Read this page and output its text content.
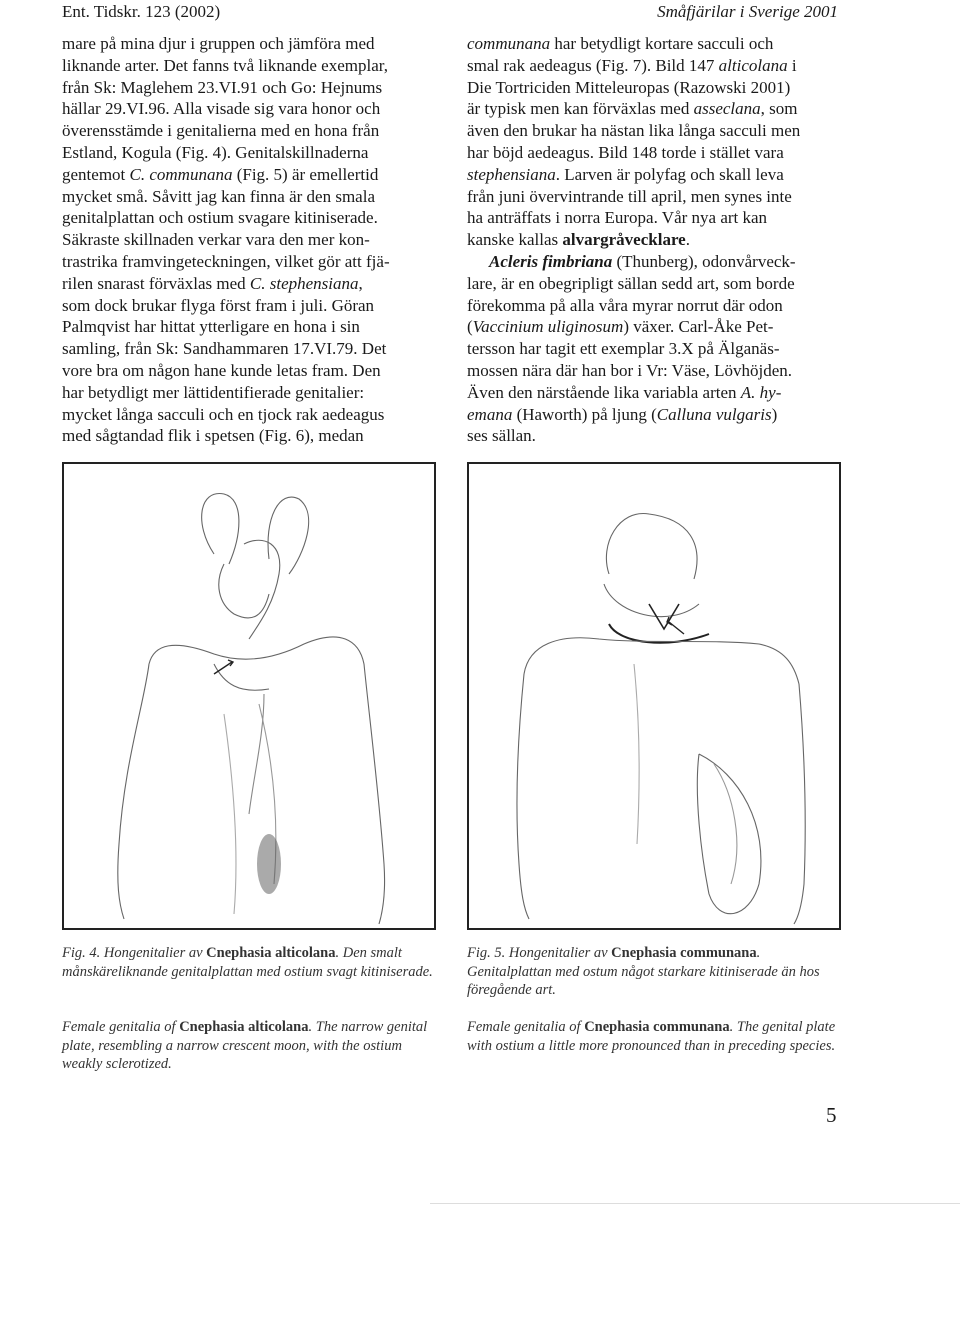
Ent. Tidskr. 123 (2002)	Småfjärilar i Sverige 2001

mare på mina djur i gruppen och jämföra med

liknande arter. Det fanns två liknande exemplar,

från Sk: Maglehem 23.VI.91 och Go: Hejnums

hällar 29.VI.96. Alla visade sig vara honor och

överensstämde i genitalierna med en hona från

Estland, Kogula (Fig. 4). Genitalskillnaderna

gentemot C. communana (Fig. 5) är emellertid

mycket små. Såvitt jag kan finna är den smala

genitalplattan och ostium svagare kitiniserade.

Säkraste skillnaden verkar vara den mer kon-

trastrika framvingeteckningen, vilket gör att fjä-

rilen snarast förväxlas med C. stephensiana,

som dock brukar flyga först fram i juli. Göran

Palmqvist har hittat ytterligare en hona i sin

samling, från Sk: Sandhammaren 17.VI.79. Det

vore bra om någon hane kunde letas fram. Den

har betydligt mer lättidentifierade genitalier:

mycket långa sacculi och en tjock rak aedeagus

med sågtandad flik i spetsen (Fig. 6), medan

communana har betydligt kortare sacculi och

smal rak aedeagus (Fig. 7). Bild 147 alticolana i

Die Tortriciden Mitteleuropas (Razowski 2001)

är typisk men kan förväxlas med asseclana, som

även den brukar ha nästan lika långa sacculi men

har böjd aedeagus. Bild 148 torde i stället vara

stephensiana. Larven är polyfag och skall leva

från juni övervintrande till april, men synes inte

ha anträffats i norra Europa. Vår nya art kan

kanske kallas alvargråvecklare.

Acleris fimbriana (Thunberg), odonvårveck-

lare, är en obegripligt sällan sedd art, som borde

förekomma på alla våra myrar norrut där odon

(Vaccinium uliginosum) växer. Carl-Åke Pet-

tersson har tagit ett exemplar 3.X på Älganäs-

mossen nära där han bor i Vr: Väse, Lövhöjden.

Även den närstående lika variabla arten A. hy-

emana (Haworth) på ljung (Calluna vulgaris)

ses sällan.

Fig. 4. Hongenitalier av Cnephasia alticolana. Den smalt månskäreliknande genitalplattan med ostium svagt kitiniserade.

Female genitalia of Cnephasia alticolana. The narrow genital plate, resembling a narrow crescent moon, with the ostium weakly sclerotized.

Fig. 5. Hongenitalier av Cnephasia communana. Genitalplattan med ostum något starkare kitiniserade än hos föregående art.

Female genitalia of Cnephasia communana. The genital plate with ostium a little more pronounced than in preceding species.

5
